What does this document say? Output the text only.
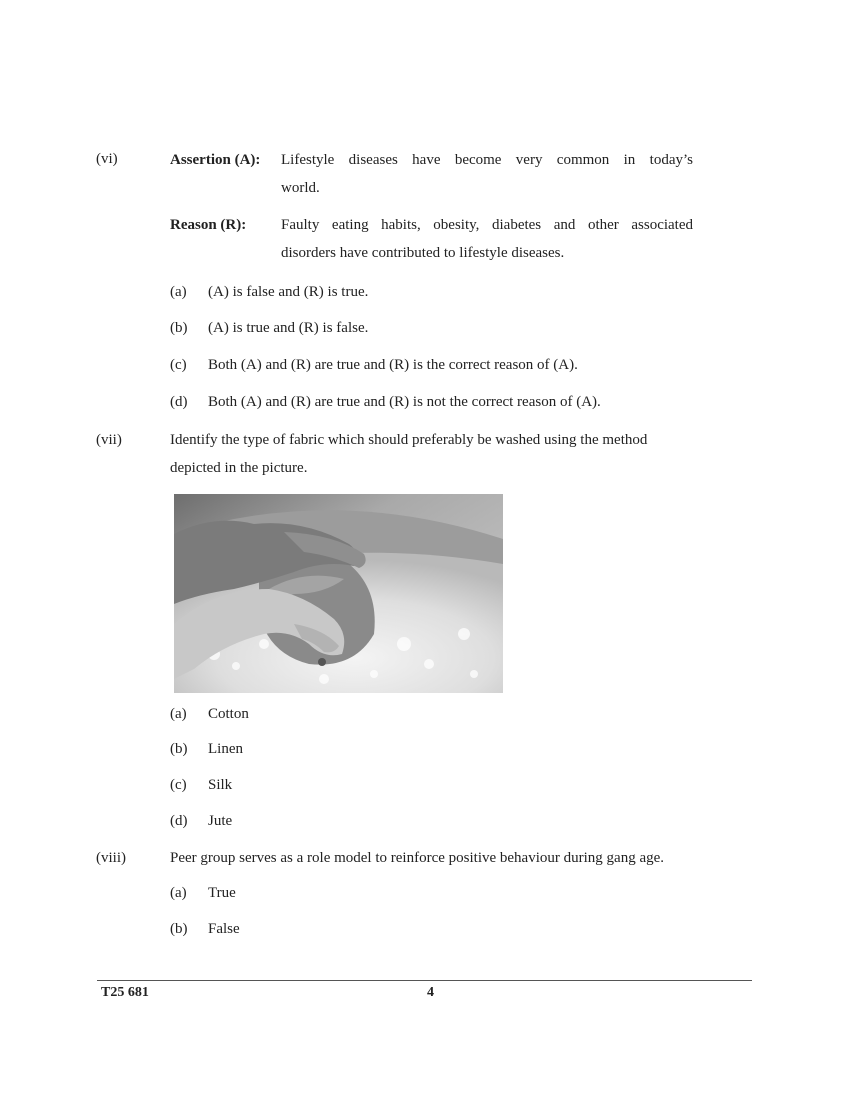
(vi)	Assertion (A): Lifestyle diseases have become very common in today’s
world.
Reason (R): Faulty eating habits, obesity, diabetes and other associated
disorders have contributed to lifestyle diseases.
(a) (A) is false and (R) is true.
(b) (A) is true and (R) is false.
(c) Both (A) and (R) are true and (R) is the correct reason of (A).
(d) Both (A) and (R) are true and (R) is not the correct reason of (A).
(vii)	Identify the type of fabric which should preferably be washed using the method
depicted in the picture.
(a) Cotton
(b) Linen
(c) Silk
(d) Jute
(viii)	Peer group serves as a role model to reinforce positive behaviour during gang age.
(a) True
(b) False
T25 681	4
